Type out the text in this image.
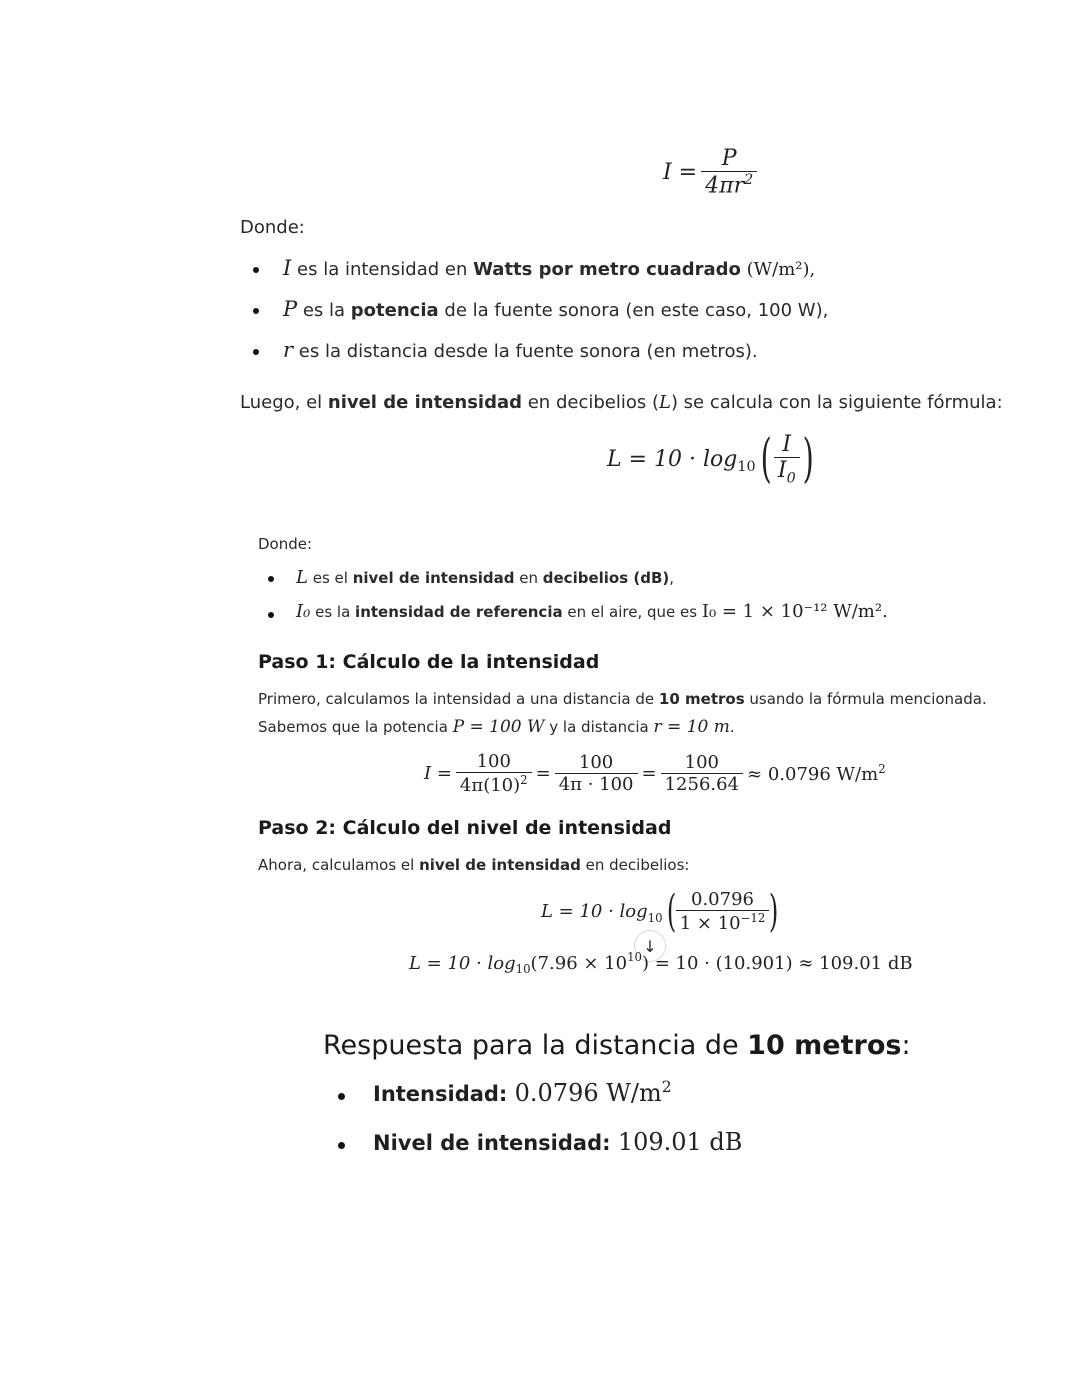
$I = \frac{P}{4\pi r^2}$
Donde:
I es la intensidad en Watts por metro cuadrado (W/m²),
P es la potencia de la fuente sonora (en este caso, 100 W),
r es la distancia desde la fuente sonora (en metros).
Luego, el nivel de intensidad en decibelios (L) se calcula con la siguiente fórmula:
$L = 10 \cdot \log_{10}$ ( $\frac{I}{I_0}$ )
Donde:
L es el nivel de intensidad en decibelios (dB),
I₀ es la intensidad de referencia en el aire, que es I₀ = 1 × 10⁻¹² W/m².
Paso 1: Cálculo de la intensidad
Primero, calculamos la intensidad a una distancia de 10 metros usando la fórmula mencionada.
Sabemos que la potencia P = 100 W y la distancia r = 10 m.
$I = \frac{100}{4\pi(10)^2} = \frac{100}{4\pi \cdot 100} = \frac{100}{1256.64} \approx 0.0796$ $W/m^2$
Paso 2: Cálculo del nivel de intensidad
Ahora, calculamos el nivel de intensidad en decibelios:
$L = 10 \cdot \log_{10}$ ( $\frac{0.0796}{1 \times 10^{-12}}$ )
↓
$L = 10 \cdot \log_{10} (7.96 \times 10^{10}$ ) = 10 · (10.901) ≈ 109.01 dB
Respuesta para la distancia de 10 metros:
Intensidad: 0.0796 $W/m^2$
Nivel de intensidad: 109.01 dB
